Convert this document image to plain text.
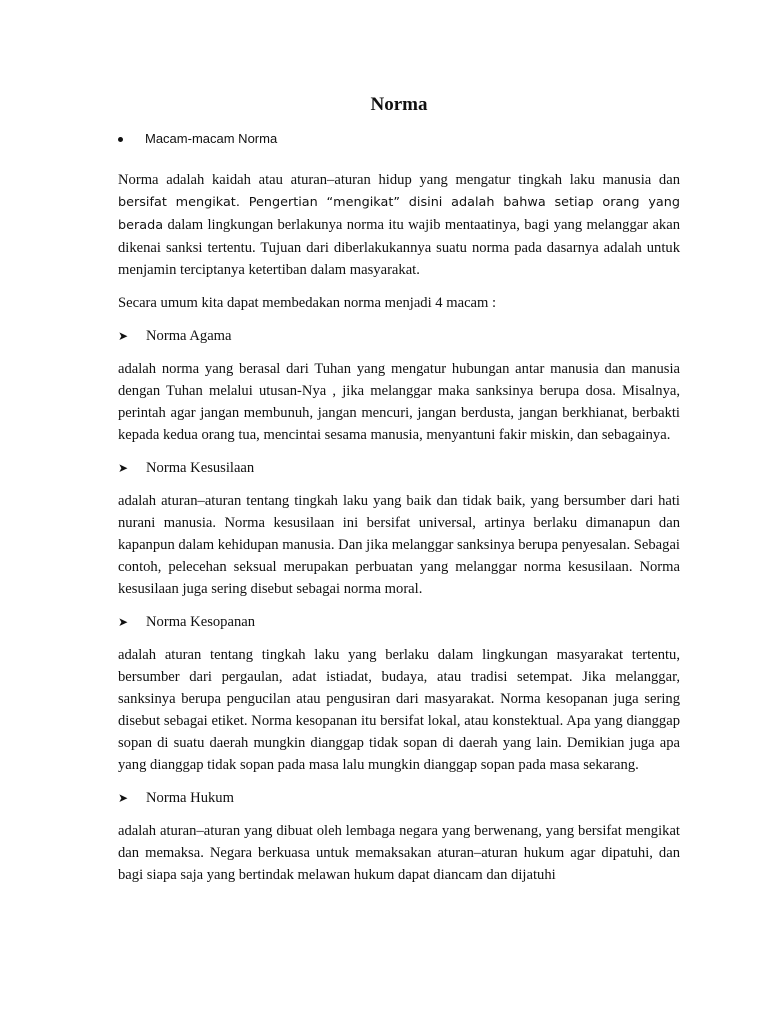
Norma
Macam-macam Norma

Norma adalah kaidah atau aturan–aturan hidup yang mengatur tingkah laku manusia dan bersifat mengikat. Pengertian “mengikat” disini adalah bahwa setiap orang yang berada dalam lingkungan berlakunya norma itu wajib mentaatinya, bagi yang melanggar akan dikenai sanksi tertentu. Tujuan dari diberlakukannya suatu norma pada dasarnya adalah untuk menjamin terciptanya ketertiban dalam masyarakat.

Secara umum kita dapat membedakan norma menjadi 4 macam :

➤	Norma Agama

adalah norma yang berasal dari Tuhan yang mengatur hubungan antar manusia dan manusia dengan Tuhan melalui utusan-Nya , jika melanggar maka sanksinya berupa dosa. Misalnya, perintah agar jangan membunuh, jangan mencuri, jangan berdusta, jangan berkhianat, berbakti kepada kedua orang tua, mencintai sesama manusia, menyantuni fakir miskin, dan sebagainya.

➤	Norma Kesusilaan

adalah aturan–aturan tentang tingkah laku yang baik dan tidak baik, yang bersumber dari hati nurani manusia. Norma kesusilaan ini bersifat universal, artinya berlaku dimanapun dan kapanpun dalam kehidupan manusia. Dan jika melanggar sanksinya berupa penyesalan. Sebagai contoh, pelecehan seksual merupakan perbuatan yang melanggar norma kesusilaan. Norma kesusilaan juga sering disebut sebagai norma moral.

➤	Norma Kesopanan

adalah aturan tentang tingkah laku yang berlaku dalam lingkungan masyarakat tertentu, bersumber dari pergaulan, adat istiadat, budaya, atau tradisi setempat. Jika melanggar, sanksinya berupa pengucilan atau pengusiran dari masyarakat. Norma kesopanan juga sering disebut sebagai etiket. Norma kesopanan itu bersifat lokal, atau konstektual. Apa yang dianggap sopan di suatu daerah mungkin dianggap tidak sopan di daerah yang lain. Demikian juga apa yang dianggap tidak sopan pada masa lalu mungkin dianggap sopan pada masa sekarang.

➤	Norma Hukum

adalah aturan–aturan yang dibuat oleh lembaga negara yang berwenang, yang bersifat mengikat dan memaksa. Negara berkuasa untuk memaksakan aturan–aturan hukum agar dipatuhi, dan bagi siapa saja yang bertindak melawan hukum dapat diancam dan dijatuhi
